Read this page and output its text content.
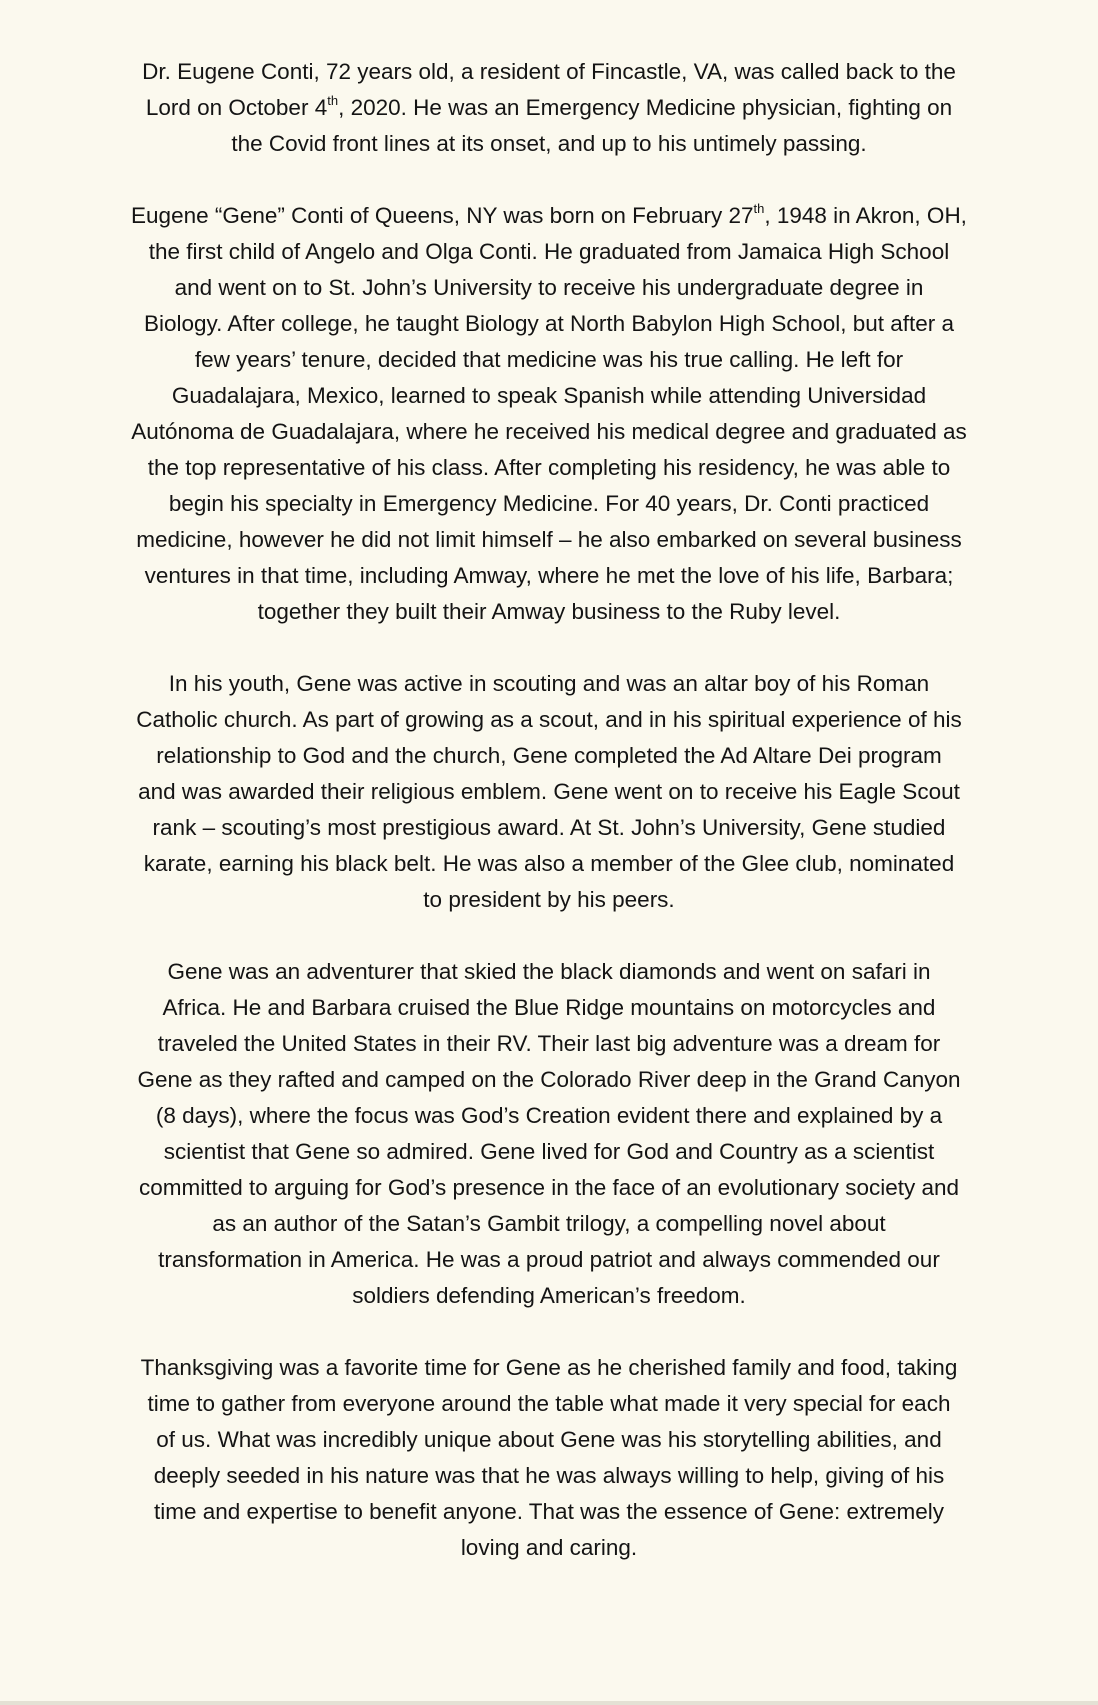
Dr. Eugene Conti, 72 years old, a resident of Fincastle, VA, was called back to the
Lord on October 4th, 2020. He was an Emergency Medicine physician, fighting on
the Covid front lines at its onset, and up to his untimely passing.

Eugene “Gene” Conti of Queens, NY was born on February 27th, 1948 in Akron, OH,
the first child of Angelo and Olga Conti. He graduated from Jamaica High School
and went on to St. John’s University to receive his undergraduate degree in
Biology. After college, he taught Biology at North Babylon High School, but after a
few years’ tenure, decided that medicine was his true calling. He left for
Guadalajara, Mexico, learned to speak Spanish while attending Universidad
Autónoma de Guadalajara, where he received his medical degree and graduated as
the top representative of his class. After completing his residency, he was able to
begin his specialty in Emergency Medicine. For 40 years, Dr. Conti practiced
medicine, however he did not limit himself – he also embarked on several business
ventures in that time, including Amway, where he met the love of his life, Barbara;
together they built their Amway business to the Ruby level.

In his youth, Gene was active in scouting and was an altar boy of his Roman
Catholic church. As part of growing as a scout, and in his spiritual experience of his
relationship to God and the church, Gene completed the Ad Altare Dei program
and was awarded their religious emblem. Gene went on to receive his Eagle Scout
rank – scouting’s most prestigious award. At St. John’s University, Gene studied
karate, earning his black belt. He was also a member of the Glee club, nominated
to president by his peers.

Gene was an adventurer that skied the black diamonds and went on safari in
Africa. He and Barbara cruised the Blue Ridge mountains on motorcycles and
traveled the United States in their RV. Their last big adventure was a dream for
Gene as they rafted and camped on the Colorado River deep in the Grand Canyon
(8 days), where the focus was God’s Creation evident there and explained by a
scientist that Gene so admired. Gene lived for God and Country as a scientist
committed to arguing for God’s presence in the face of an evolutionary society and
as an author of the Satan’s Gambit trilogy, a compelling novel about
transformation in America. He was a proud patriot and always commended our
soldiers defending American’s freedom.

Thanksgiving was a favorite time for Gene as he cherished family and food, taking
time to gather from everyone around the table what made it very special for each
of us. What was incredibly unique about Gene was his storytelling abilities, and
deeply seeded in his nature was that he was always willing to help, giving of his
time and expertise to benefit anyone. That was the essence of Gene: extremely
loving and caring.
